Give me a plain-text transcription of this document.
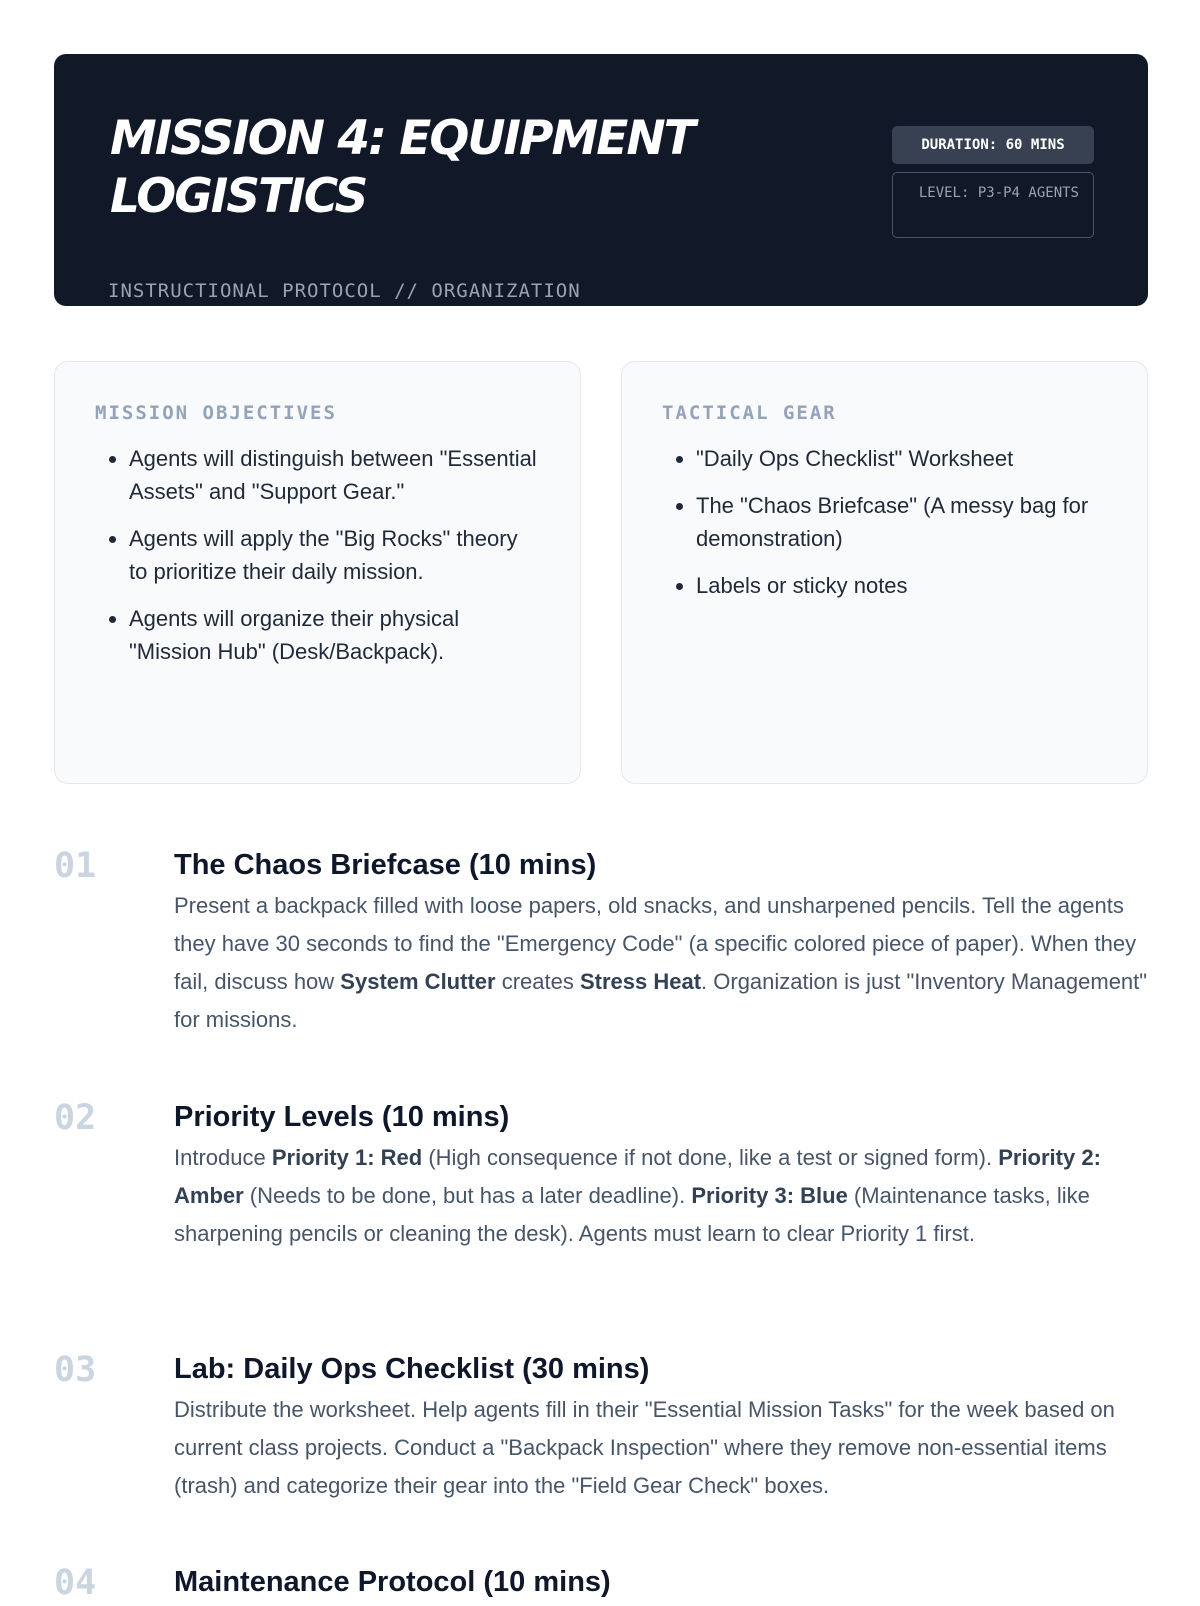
MISSION 4: EQUIPMENT LOGISTICS
INSTRUCTIONAL PROTOCOL // ORGANIZATION
DURATION: 60 MINS
LEVEL: P3-P4 AGENTS
MISSION OBJECTIVES
• Agents will distinguish between "Essential Assets" and "Support Gear."
• Agents will apply the "Big Rocks" theory to prioritize their daily mission.
• Agents will organize their physical "Mission Hub" (Desk/Backpack).
TACTICAL GEAR
• "Daily Ops Checklist" Worksheet
• The "Chaos Briefcase" (A messy bag for demonstration)
• Labels or sticky notes
01	The Chaos Briefcase (10 mins)

Present a backpack filled with loose papers, old snacks, and unsharpened pencils. Tell the agents they have 30 seconds to find the "Emergency Code" (a specific colored piece of paper). When they fail, discuss how System Clutter creates Stress Heat. Organization is just "Inventory Management" for missions.

02	Priority Levels (10 mins)

Introduce Priority 1: Red (High consequence if not done, like a test or signed form). Priority 2: Amber (Needs to be done, but has a later deadline). Priority 3: Blue (Maintenance tasks, like sharpening pencils or cleaning the desk). Agents must learn to clear Priority 1 first.

03	Lab: Daily Ops Checklist (30 mins)

Distribute the worksheet. Help agents fill in their "Essential Mission Tasks" for the week based on current class projects. Conduct a "Backpack Inspection" where they remove non-essential items (trash) and categorize their gear into the "Field Gear Check" boxes.

04	Maintenance Protocol (10 mins)
